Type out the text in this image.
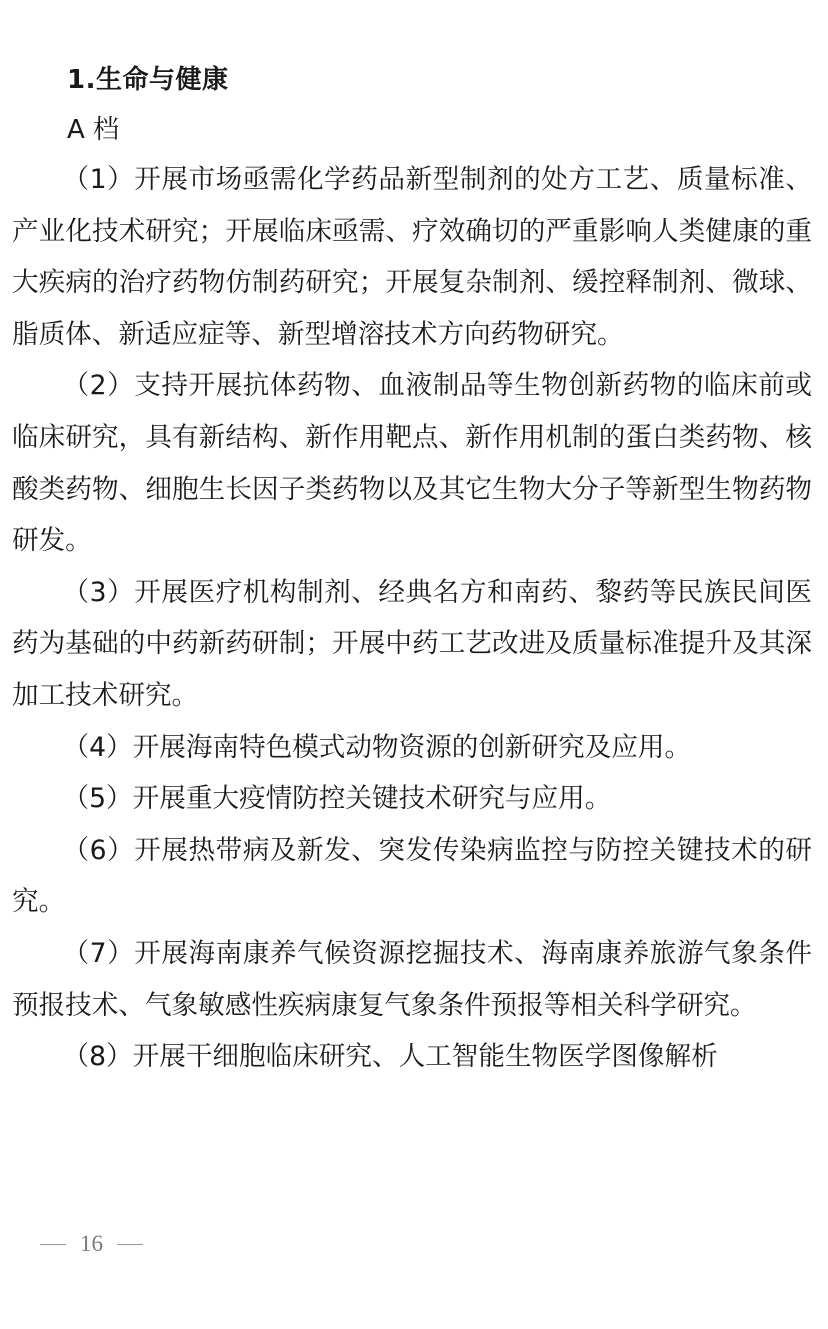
1.生命与健康
A 档

（1）开展市场亟需化学药品新型制剂的处方工艺、质量标准、产业化技术研究；开展临床亟需、疗效确切的严重影响人类健康的重大疾病的治疗药物仿制药研究；开展复杂制剂、缓控释制剂、微球、脂质体、新适应症等、新型增溶技术方向药物研究。

（2）支持开展抗体药物、血液制品等生物创新药物的临床前或临床研究，具有新结构、新作用靶点、新作用机制的蛋白类药物、核酸类药物、细胞生长因子类药物以及其它生物大分子等新型生物药物研发。

（3）开展医疗机构制剂、经典名方和南药、黎药等民族民间医药为基础的中药新药研制；开展中药工艺改进及质量标准提升及其深加工技术研究。

（4）开展海南特色模式动物资源的创新研究及应用。

（5）开展重大疫情防控关键技术研究与应用。

（6）开展热带病及新发、突发传染病监控与防控关键技术的研究。

（7）开展海南康养气候资源挖掘技术、海南康养旅游气象条件预报技术、气象敏感性疾病康复气象条件预报等相关科学研究。

（8）开展干细胞临床研究、人工智能生物医学图像解析

16
